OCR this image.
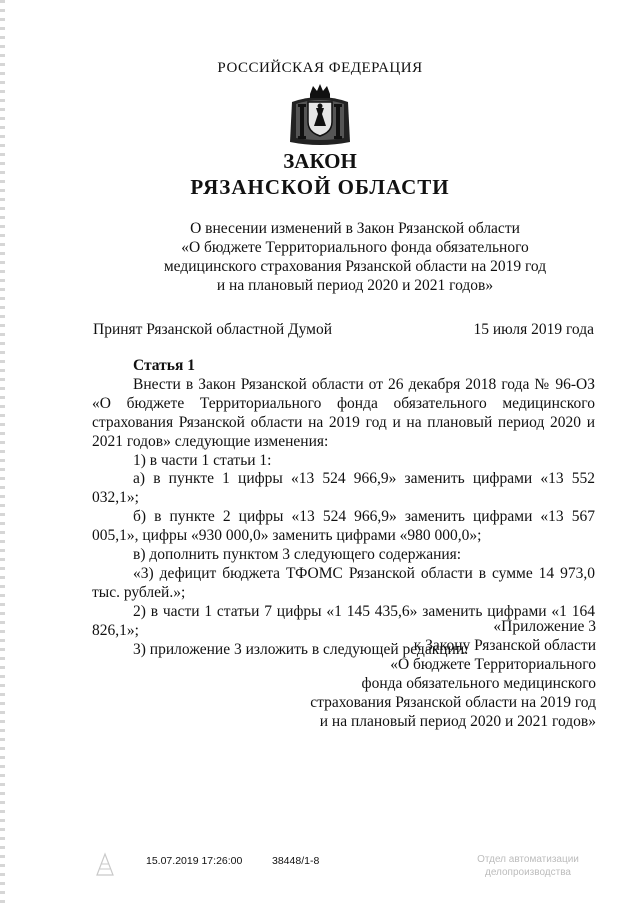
РОССИЙСКАЯ ФЕДЕРАЦИЯ
ЗАКОН
РЯЗАНСКОЙ ОБЛАСТИ
О внесении изменений в Закон Рязанской области
«О бюджете Территориального фонда обязательного
медицинского страхования Рязанской области на 2019 год
и на плановый период 2020 и 2021 годов»
Принят Рязанской областной Думой	15 июля 2019 года

Статья 1

Внести в Закон Рязанской области от 26 декабря 2018 года № 96-ОЗ «О бюджете Территориального фонда обязательного медицинского страхования Рязанской области на 2019 год и на плановый период 2020 и 2021 годов» следующие изменения:

1) в части 1 статьи 1:

а) в пункте 1 цифры «13 524 966,9» заменить цифрами «13 552 032,1»;

б) в пункте 2 цифры «13 524 966,9» заменить цифрами «13 567 005,1», цифры «930 000,0» заменить цифрами «980 000,0»;

в) дополнить пунктом 3 следующего содержания:

«3) дефицит бюджета ТФОМС Рязанской области в сумме 14 973,0 тыс. рублей.»;

2) в части 1 статьи 7 цифры «1 145 435,6» заменить цифрами «1 164 826,1»;

3) приложение 3 изложить в следующей редакции:

«Приложение 3
к Закону Рязанской области
«О бюджете Территориального
фонда обязательного медицинского
страхования Рязанской области на 2019 год
и на плановый период 2020 и 2021 годов»
15.07.2019 17:26:00	38448/1-8	Отдел автоматизации
делопроизводства
